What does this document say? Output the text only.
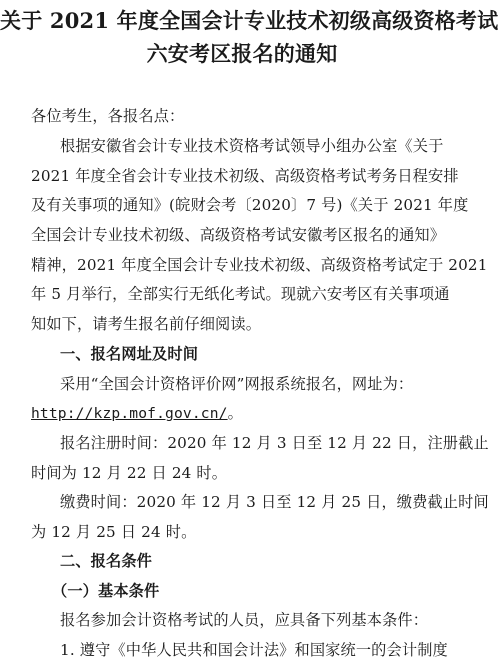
关于 2021 年度全国会计专业技术初级高级资格考试
六安考区报名的通知
各位考生，各报名点：
根据安徽省会计专业技术资格考试领导小组办公室《关于
2021 年度全省会计专业技术初级、高级资格考试考务日程安排
及有关事项的通知》(皖财会考〔2020〕7 号)《关于 2021 年度
全国会计专业技术初级、高级资格考试安徽考区报名的通知》
精神，2021 年度全国会计专业技术初级、高级资格考试定于 2021
年 5 月举行，全部实行无纸化考试。现就六安考区有关事项通
知如下，请考生报名前仔细阅读。
一、报名网址及时间
采用“全国会计资格评价网”网报系统报名，网址为：
http://kzp.mof.gov.cn/。
报名注册时间：2020 年 12 月 3 日至 12 月 22 日，注册截止
时间为 12 月 22 日 24 时。
缴费时间：2020 年 12 月 3 日至 12 月 25 日，缴费截止时间
为 12 月 25 日 24 时。
二、报名条件
（一）基本条件
报名参加会计资格考试的人员，应具备下列基本条件：
1. 遵守《中华人民共和国会计法》和国家统一的会计制度
